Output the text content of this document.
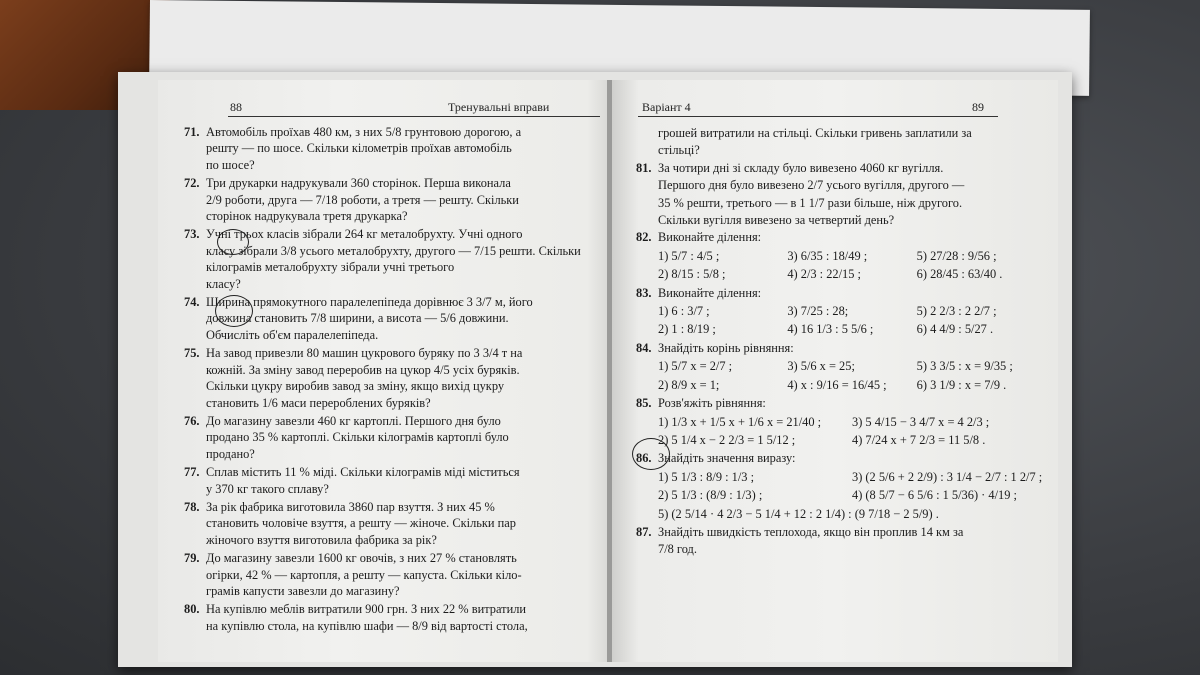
88	Тренувальні вправи
71. Автомобіль проїхав 480 км, з них 5/8 грунтовою дорогою, а
решту — по шосе. Скільки кілометрів проїхав автомобіль
по шосе?
72. Три друкарки надрукували 360 сторінок. Перша виконала
2/9 роботи, друга — 7/18 роботи, а третя — решту. Скільки
сторінок надрукувала третя друкарка?
73. Учні трьох класів зібрали 264 кг металобрухту. Учні одного
класу зібрали 3/8 усього металобрухту, другого — 7/15 решти. Скільки кілограмів металобрухту зібрали учні третього
класу?
74. Ширина прямокутного паралелепіпеда дорівнює 3 3/7 м, його
довжина становить 7/8 ширини, а висота — 5/6 довжини.
Обчисліть об'єм паралелепіпеда.
75. На завод привезли 80 машин цукрового буряку по 3 3/4 т на
кожній. За зміну завод переробив на цукор 4/5 усіх буряків.
Скільки цукру виробив завод за зміну, якщо вихід цукру
становить 1/6 маси перероблених буряків?
76. До магазину завезли 460 кг картоплі. Першого дня було
продано 35 % картоплі. Скільки кілограмів картоплі було
продано?
77. Сплав містить 11 % міді. Скільки кілограмів міді міститься
у 370 кг такого сплаву?
78. За рік фабрика виготовила 3860 пар взуття. З них 45 %
становить чоловіче взуття, а решту — жіноче. Скільки пар
жіночого взуття виготовила фабрика за рік?
79. До магазину завезли 1600 кг овочів, з них 27 % становлять
огірки, 42 % — картопля, а решту — капуста. Скільки кіло-
грамів капусти завезли до магазину?
80. На купівлю меблів витратили 900 грн. З них 22 % витратили
на купівлю стола, на купівлю шафи — 8/9 від вартості стола,
Варіант 4	89
грошей витратили на стільці. Скільки гривень заплатили за
стільці?
81. За чотири дні зі складу було вивезено 4060 кг вугілля.
Першого дня було вивезено 2/7 усього вугілля, другого —
35 % решти, третього — в 1 1/7 рази більше, ніж другого.
Скільки вугілля вивезено за четвертий день?
82. Виконайте ділення:
1) 5/7 : 4/5 ;	3) 6/35 : 18/49 ;	5) 27/28 : 9/56 ;
2) 8/15 : 5/8 ;	4) 2/3 : 22/15 ;	6) 28/45 : 63/40 .
83. Виконайте ділення:
1) 6 : 3/7 ;	3) 7/25 : 28;	5) 2 2/3 : 2 2/7 ;
2) 1 : 8/19 ;	4) 16 1/3 : 5 5/6 ;	6) 4 4/9 : 5/27 .
84. Знайдіть корінь рівняння:
1) 5/7 x = 2/7 ;	3) 5/6 x = 25;	5) 3 3/5 : x = 9/35 ;
2) 8/9 x = 1;	4) x : 9/16 = 16/45 ;	6) 3 1/9 : x = 7/9 .
85. Розв'яжіть рівняння:
1) 1/3 x + 1/5 x + 1/6 x = 21/40 ;	3) 5 4/15 − 3 4/7 x = 4 2/3 ;
2) 5 1/4 x − 2 2/3 = 1 5/12 ;	4) 7/24 x + 7 2/3 = 11 5/8 .
86. Знайдіть значення виразу:
1) 5 1/3 : 8/9 : 1/3 ;	3) (2 5/6 + 2 2/9) : 3 1/4 − 2/7 : 1 2/7 ;
2) 5 1/3 : (8/9 : 1/3) ;	4) (8 5/7 − 6 5/6 : 1 5/36) · 4/19 ;
5) (2 5/14 · 4 2/3 − 5 1/4 + 12 : 2 1/4) : (9 7/18 − 2 5/9) .
87. Знайдіть швидкість теплохода, якщо він проплив 14 км за
7/8 год.
